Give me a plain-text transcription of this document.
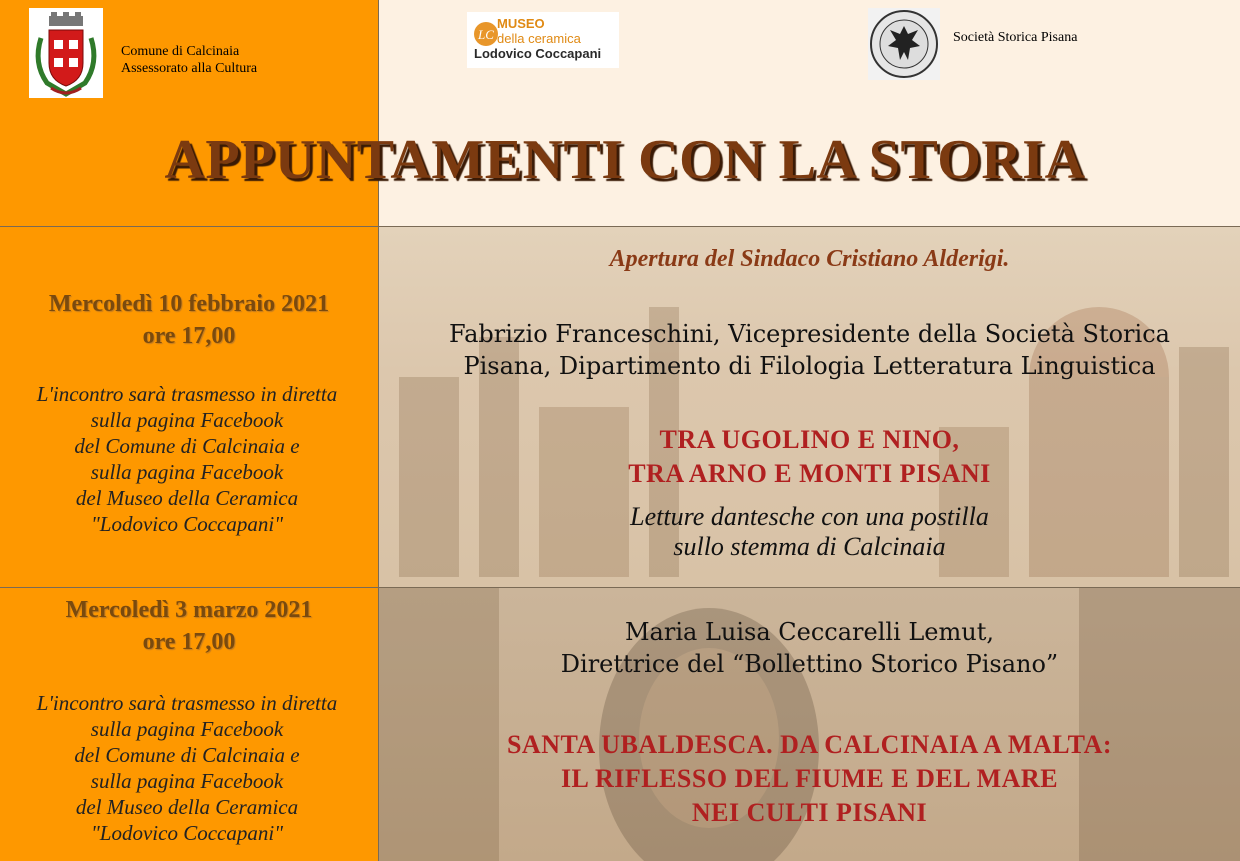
Comune di Calcinaia
Assessorato alla Cultura
LC
MUSEO
della ceramica
Lodovico Coccapani
Società Storica Pisana
APPUNTAMENTI CON LA STORIA
Mercoledì 10 febbraio 2021
ore 17,00
L'incontro sarà trasmesso in diretta
sulla pagina Facebook
del Comune di Calcinaia e
sulla pagina Facebook
del Museo della Ceramica
"Lodovico Coccapani"
Apertura del Sindaco Cristiano Alderigi.
Fabrizio Franceschini, Vicepresidente della Società Storica
Pisana, Dipartimento di Filologia Letteratura Linguistica
TRA UGOLINO E NINO,
TRA ARNO E MONTI PISANI
Letture dantesche con una postilla
sullo stemma di Calcinaia
Mercoledì 3 marzo 2021
ore 17,00
L'incontro sarà trasmesso in diretta
sulla pagina Facebook
del Comune di Calcinaia e
sulla pagina Facebook
del Museo della Ceramica
"Lodovico Coccapani"
Maria Luisa Ceccarelli Lemut,
Direttrice del “Bollettino Storico Pisano”
SANTA UBALDESCA. DA CALCINAIA A MALTA:
IL RIFLESSO DEL FIUME E DEL MARE
NEI CULTI PISANI
